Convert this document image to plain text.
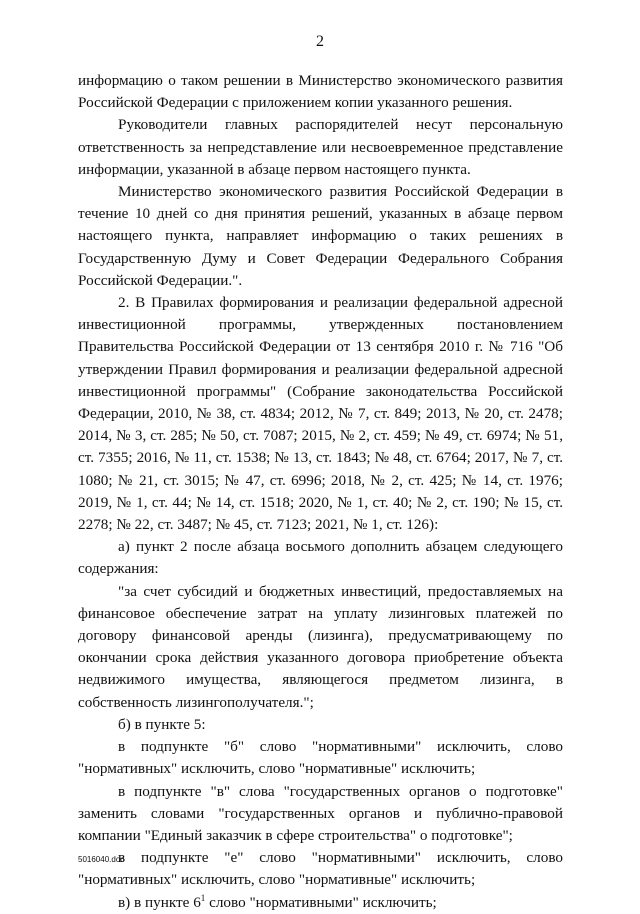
2

информацию о таком решении в Министерство экономического развития Российской Федерации с приложением копии указанного решения.

Руководители главных распорядителей несут персональную ответственность за непредставление или несвоевременное представление информации, указанной в абзаце первом настоящего пункта.

Министерство экономического развития Российской Федерации в течение 10 дней со дня принятия решений, указанных в абзаце первом настоящего пункта, направляет информацию о таких решениях в Государственную Думу и Совет Федерации Федерального Собрания Российской Федерации.".

2. В Правилах формирования и реализации федеральной адресной инвестиционной программы, утвержденных постановлением Правительства Российской Федерации от 13 сентября 2010 г. № 716 "Об утверждении Правил формирования и реализации федеральной адресной инвестиционной программы" (Собрание законодательства Российской Федерации, 2010, № 38, ст. 4834; 2012, № 7, ст. 849; 2013, № 20, ст. 2478; 2014, № 3, ст. 285; № 50, ст. 7087; 2015, № 2, ст. 459; № 49, ст. 6974; № 51, ст. 7355; 2016, № 11, ст. 1538; № 13, ст. 1843; № 48, ст. 6764; 2017, № 7, ст. 1080; № 21, ст. 3015; № 47, ст. 6996; 2018, № 2, ст. 425; № 14, ст. 1976; 2019, № 1, ст. 44; № 14, ст. 1518; 2020, № 1, ст. 40; № 2, ст. 190; № 15, ст. 2278; № 22, ст. 3487; № 45, ст. 7123; 2021, № 1, ст. 126):

а) пункт 2 после абзаца восьмого дополнить абзацем следующего содержания:

"за счет субсидий и бюджетных инвестиций, предоставляемых на финансовое обеспечение затрат на уплату лизинговых платежей по договору финансовой аренды (лизинга), предусматривающему по окончании срока действия указанного договора приобретение объекта недвижимого имущества, являющегося предметом лизинга, в собственность лизингополучателя.";

б) в пункте 5:

в подпункте "б" слово "нормативными" исключить, слово "нормативных" исключить, слово "нормативные" исключить;

в подпункте "в" слова "государственных органов о подготовке" заменить словами "государственных органов и публично-правовой компании "Единый заказчик в сфере строительства" о подготовке";

в подпункте "е" слово "нормативными" исключить, слово "нормативных" исключить, слово "нормативные" исключить;

в) в пункте $6^1$ слово "нормативными" исключить;

5016040.doc
